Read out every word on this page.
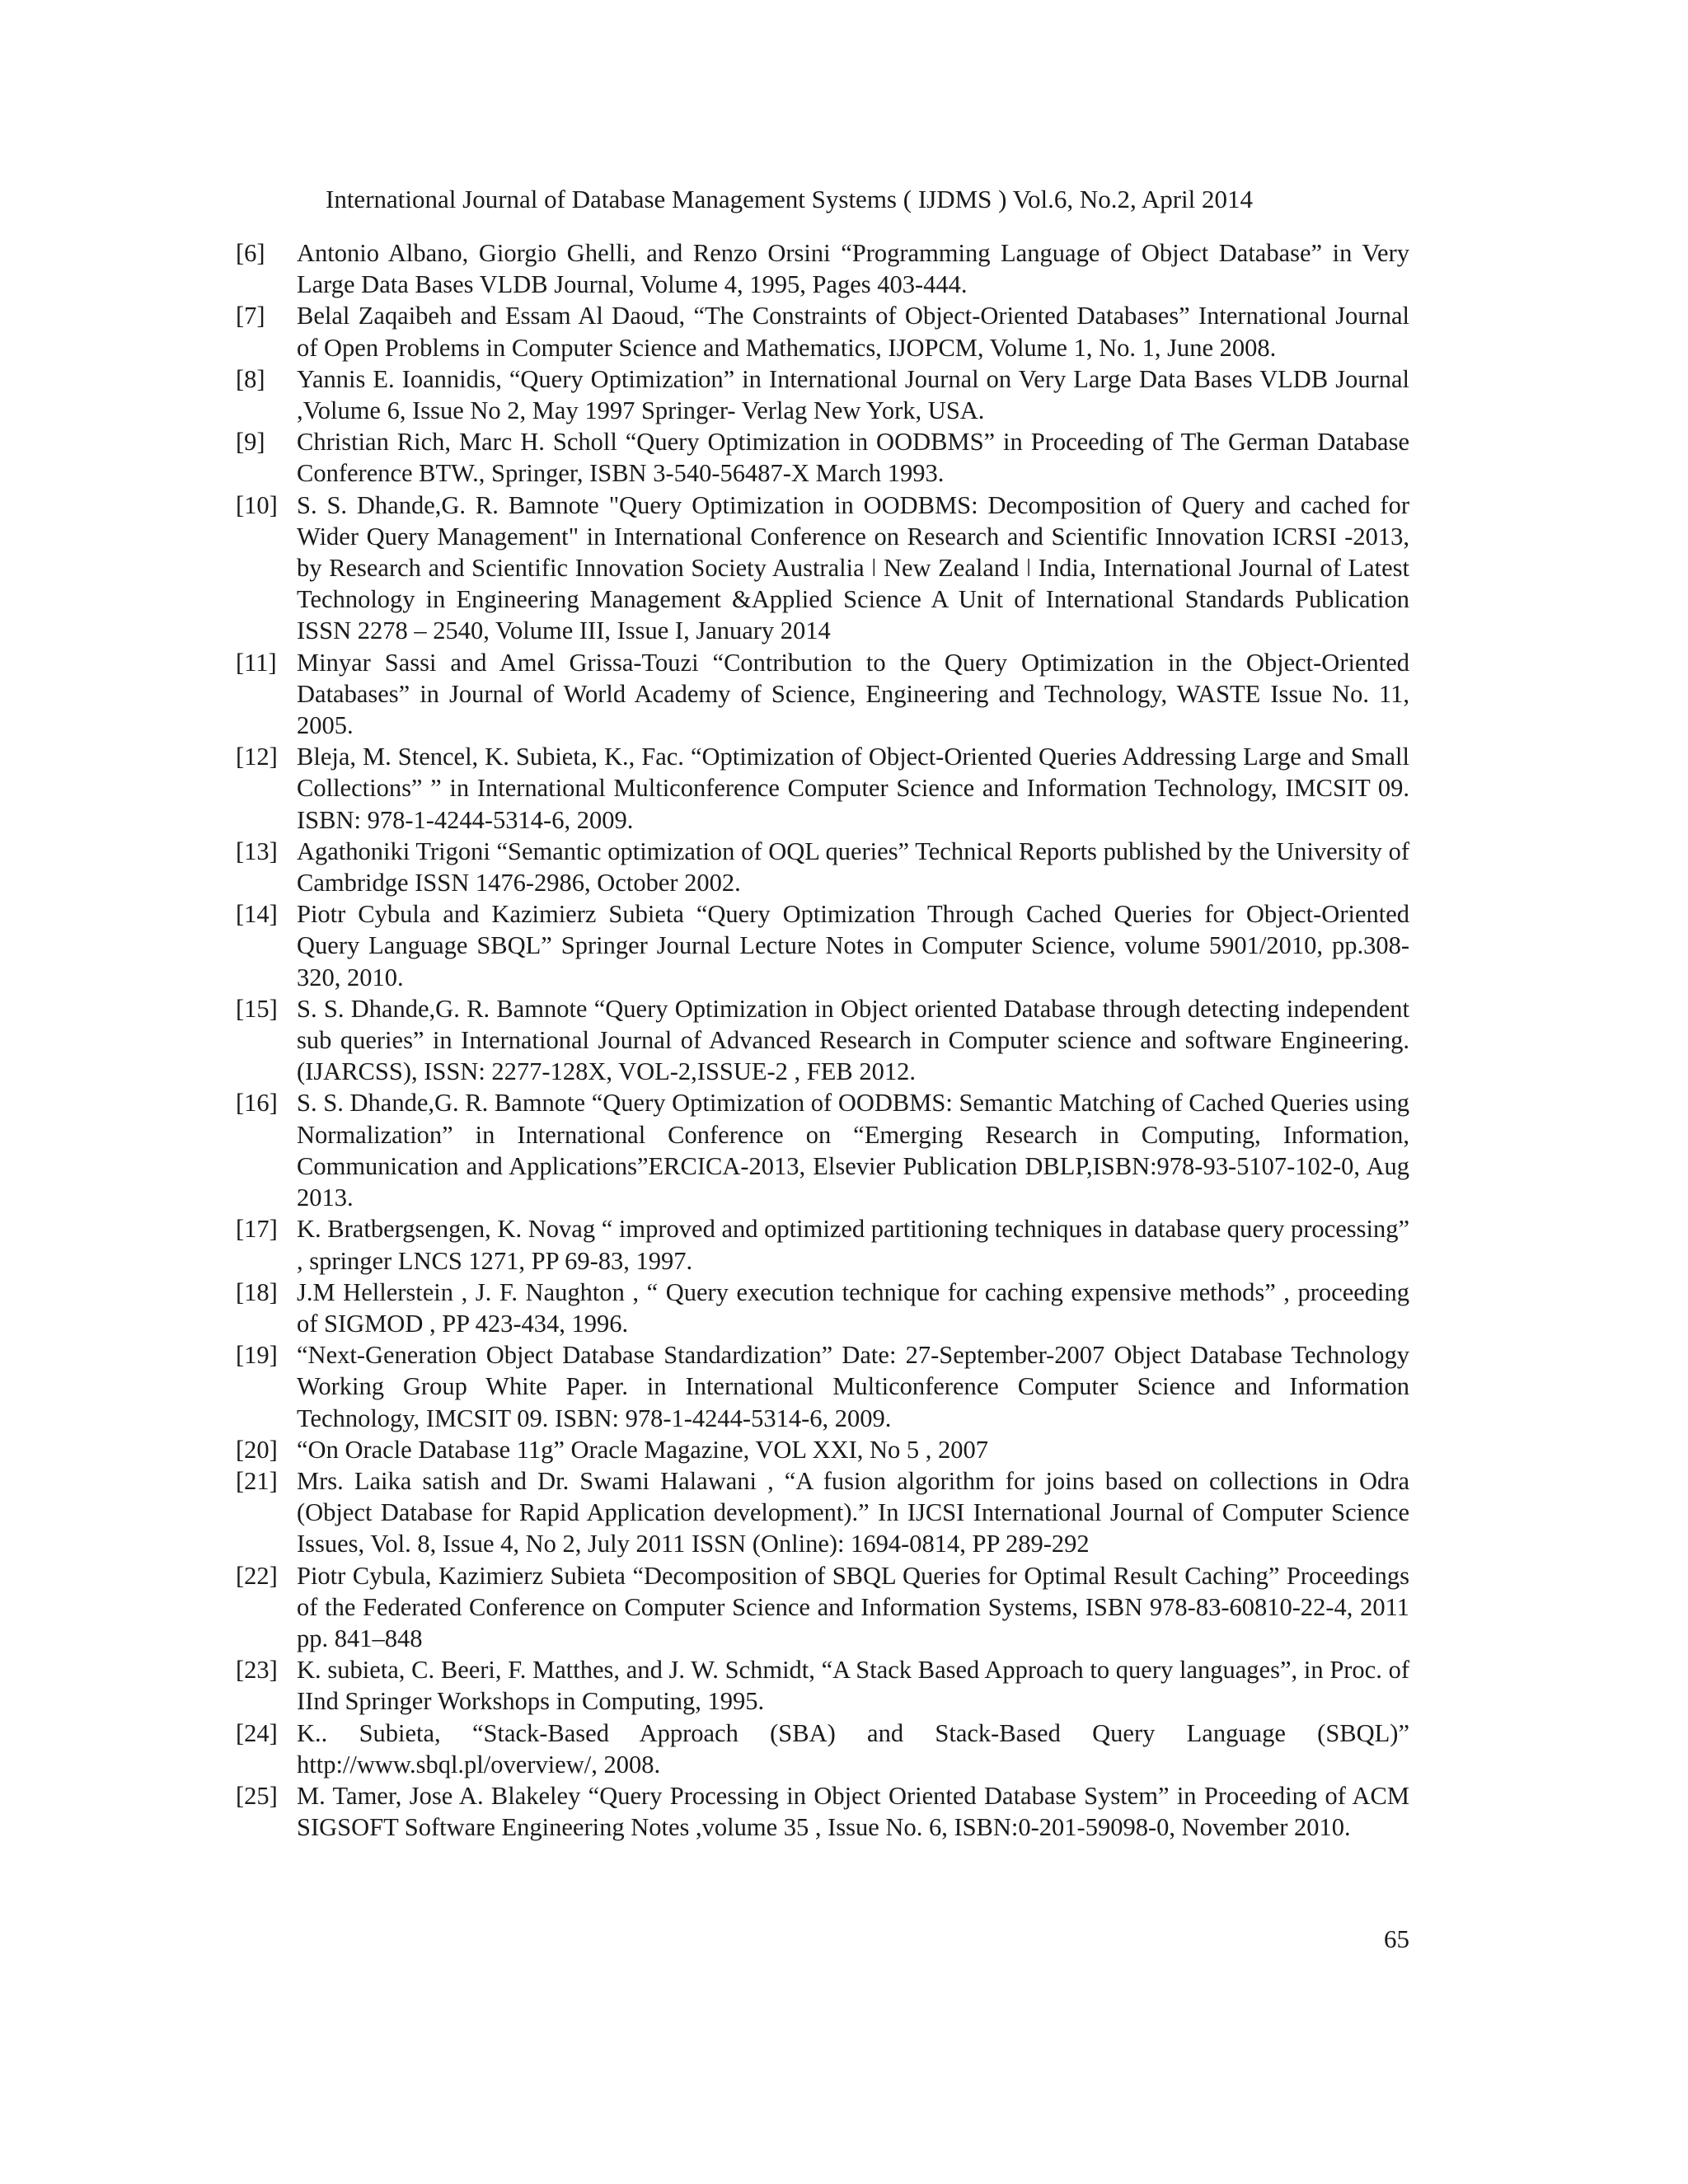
International Journal of Database Management Systems ( IJDMS ) Vol.6, No.2, April 2014
[6]	Antonio Albano, Giorgio Ghelli, and Renzo Orsini “Programming Language of Object Database” in Very Large Data Bases VLDB Journal, Volume 4, 1995, Pages 403-444.
[7]	Belal Zaqaibeh and Essam Al Daoud, “The Constraints of Object-Oriented Databases” International Journal of Open Problems in Computer Science and Mathematics, IJOPCM, Volume 1, No. 1, June 2008.
[8]	Yannis E. Ioannidis, “Query Optimization” in International Journal on Very Large Data Bases VLDB Journal ,Volume 6, Issue No 2, May 1997 Springer- Verlag New York, USA.
[9]	Christian Rich, Marc H. Scholl “Query Optimization in OODBMS” in Proceeding of The German Database Conference BTW., Springer, ISBN 3-540-56487-X March 1993.
[10] S. S. Dhande,G. R. Bamnote "Query Optimization in OODBMS: Decomposition of Query and cached for Wider Query Management" in International Conference on Research and Scientific Innovation ICRSI -2013, by Research and Scientific Innovation Society Australia ǀ New Zealand ǀ India, International Journal of Latest Technology in Engineering Management &Applied Science A Unit of International Standards Publication ISSN 2278 – 2540, Volume III, Issue I, January 2014
[11] Minyar Sassi and Amel Grissa-Touzi “Contribution to the Query Optimization in the Object-Oriented Databases” in Journal of World Academy of Science, Engineering and Technology, WASTE Issue No. 11, 2005.
[12] Bleja, M. Stencel, K. Subieta, K., Fac. “Optimization of Object-Oriented Queries Addressing Large and Small Collections” ” in International Multiconference Computer Science and Information Technology, IMCSIT 09. ISBN: 978-1-4244-5314-6, 2009.
[13] Agathoniki Trigoni “Semantic optimization of OQL queries” Technical Reports published by the University of Cambridge ISSN 1476-2986, October 2002.
[14] Piotr Cybula and Kazimierz Subieta “Query Optimization Through Cached Queries for Object-Oriented Query Language SBQL” Springer Journal Lecture Notes in Computer Science, volume 5901/2010, pp.308-320, 2010.
[15] S. S. Dhande,G. R. Bamnote “Query Optimization in Object oriented Database through detecting independent sub queries” in International Journal of Advanced Research in Computer science and software Engineering. (IJARCSS), ISSN: 2277-128X, VOL-2,ISSUE-2 , FEB 2012.
[16] S. S. Dhande,G. R. Bamnote “Query Optimization of OODBMS: Semantic Matching of Cached Queries using Normalization” in International Conference on “Emerging Research in Computing, Information, Communication and Applications”ERCICA-2013, Elsevier Publication DBLP,ISBN:978-93-5107-102-0, Aug 2013.
[17] K. Bratbergsengen, K. Novag “ improved and optimized partitioning techniques in database query processing” , springer LNCS 1271, PP 69-83, 1997.
[18] J.M Hellerstein , J. F. Naughton , “ Query execution technique for caching expensive methods” , proceeding of SIGMOD , PP 423-434, 1996.
[19] “Next-Generation Object Database Standardization” Date: 27-September-2007 Object Database Technology Working Group White Paper. in International Multiconference Computer Science and Information Technology, IMCSIT 09. ISBN: 978-1-4244-5314-6, 2009.
[20] “On Oracle Database 11g” Oracle Magazine, VOL XXI, No 5 , 2007
[21] Mrs. Laika satish and Dr. Swami Halawani , “A fusion algorithm for joins based on collections in Odra (Object Database for Rapid Application development).” In IJCSI International Journal of Computer Science Issues, Vol. 8, Issue 4, No 2, July 2011 ISSN (Online): 1694-0814, PP 289-292
[22] Piotr Cybula, Kazimierz Subieta “Decomposition of SBQL Queries for Optimal Result Caching” Proceedings of the Federated Conference on Computer Science and Information Systems, ISBN 978-83-60810-22-4, 2011 pp. 841–848
[23] K. subieta, C. Beeri, F. Matthes, and J. W. Schmidt, “A Stack Based Approach to query languages”, in Proc. of IInd Springer Workshops in Computing, 1995.
[24] K.. Subieta, “Stack-Based Approach (SBA) and Stack-Based Query Language (SBQL)” http://www.sbql.pl/overview/, 2008.
[25] M. Tamer, Jose A. Blakeley “Query Processing in Object Oriented Database System” in Proceeding of ACM SIGSOFT Software Engineering Notes ,volume 35 , Issue No. 6, ISBN:0-201-59098-0, November 2010.
65
